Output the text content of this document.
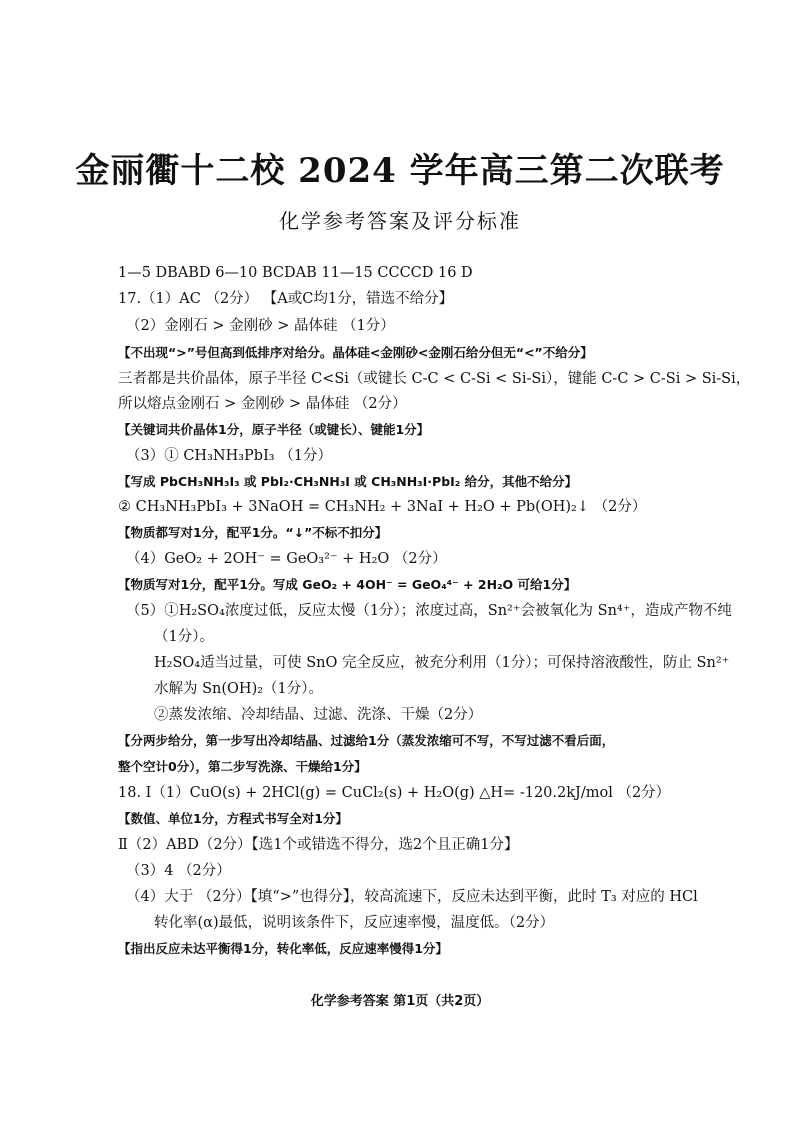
金丽衢十二校 2024 学年高三第二次联考
化学参考答案及评分标准
1—5 DBABD 6—10 BCDAB 11—15 CCCCD 16 D
17.（1）AC （2分） 【A或C均1分，错选不给分】
（2）金刚石 > 金刚砂 > 晶体硅 （1分）
【不出现“>”号但高到低排序对给分。晶体硅<金刚砂<金刚石给分但无“<”不给分】
三者都是共价晶体，原子半径 C<Si（或键长 C-C < C-Si < Si-Si），键能 C-C > C-Si > Si-Si，
所以熔点金刚石 > 金刚砂 > 晶体硅 （2分）
【关键词共价晶体1分，原子半径（或键长）、键能1分】
（3）① CH₃NH₃PbI₃ （1分）
【写成 PbCH₃NH₃I₃ 或 PbI₂·CH₃NH₃I 或 CH₃NH₃I·PbI₂ 给分，其他不给分】
② CH₃NH₃PbI₃ + 3NaOH = CH₃NH₂ + 3NaI + H₂O + Pb(OH)₂↓ （2分）
【物质都写对1分，配平1分。“↓”不标不扣分】
（4）GeO₂ + 2OH⁻ = GeO₃²⁻ + H₂O （2分）
【物质写对1分，配平1分。写成 GeO₂ + 4OH⁻ = GeO₄⁴⁻ + 2H₂O 可给1分】
（5）①H₂SO₄浓度过低，反应太慢（1分）；浓度过高，Sn²⁺会被氧化为 Sn⁴⁺，造成产物不纯
（1分）。
H₂SO₄适当过量，可使 SnO 完全反应，被充分利用（1分）；可保持溶液酸性，防止 Sn²⁺
水解为 Sn(OH)₂（1分）。
②蒸发浓缩、冷却结晶、过滤、洗涤、干燥（2分）
【分两步给分，第一步写出冷却结晶、过滤给1分（蒸发浓缩可不写，不写过滤不看后面，
整个空计0分），第二步写洗涤、干燥给1分】
18. Ⅰ（1）CuO(s) + 2HCl(g) = CuCl₂(s) + H₂O(g) △H= -120.2kJ/mol （2分）
【数值、单位1分，方程式书写全对1分】
Ⅱ（2）ABD（2分）【选1个或错选不得分，选2个且正确1分】
（3）4 （2分）
（4）大于 （2分）【填“>”也得分】，较高流速下，反应未达到平衡，此时 T₃ 对应的 HCl
转化率(α)最低，说明该条件下，反应速率慢，温度低。（2分）
【指出反应未达平衡得1分，转化率低，反应速率慢得1分】
化学参考答案 第1页（共2页）
